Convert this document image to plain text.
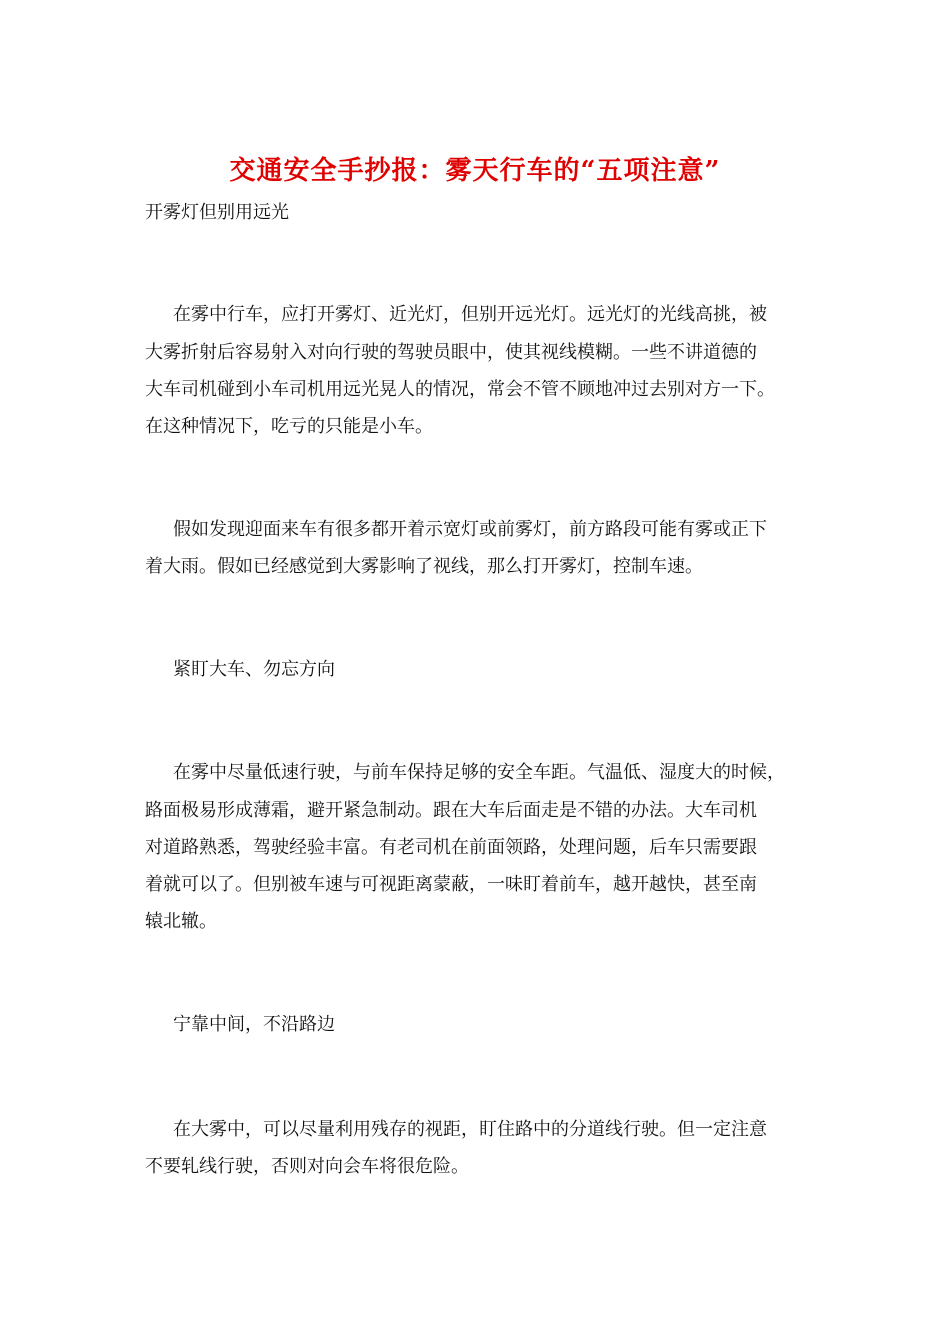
交通安全手抄报：雾天行车的“五项注意”
开雾灯但别用远光
在雾中行车，应打开雾灯、近光灯，但别开远光灯。远光灯的光线高挑，被
大雾折射后容易射入对向行驶的驾驶员眼中，使其视线模糊。一些不讲道德的
大车司机碰到小车司机用远光晃人的情况，常会不管不顾地冲过去别对方一下。
在这种情况下，吃亏的只能是小车。
假如发现迎面来车有很多都开着示宽灯或前雾灯，前方路段可能有雾或正下
着大雨。假如已经感觉到大雾影响了视线，那么打开雾灯，控制车速。
紧盯大车、勿忘方向
在雾中尽量低速行驶，与前车保持足够的安全车距。气温低、湿度大的时候，
路面极易形成薄霜，避开紧急制动。跟在大车后面走是不错的办法。大车司机
对道路熟悉，驾驶经验丰富。有老司机在前面领路，处理问题，后车只需要跟
着就可以了。但别被车速与可视距离蒙蔽，一味盯着前车，越开越快，甚至南
辕北辙。
宁靠中间，不沿路边
在大雾中，可以尽量利用残存的视距，盯住路中的分道线行驶。但一定注意
不要轧线行驶，否则对向会车将很危险。
